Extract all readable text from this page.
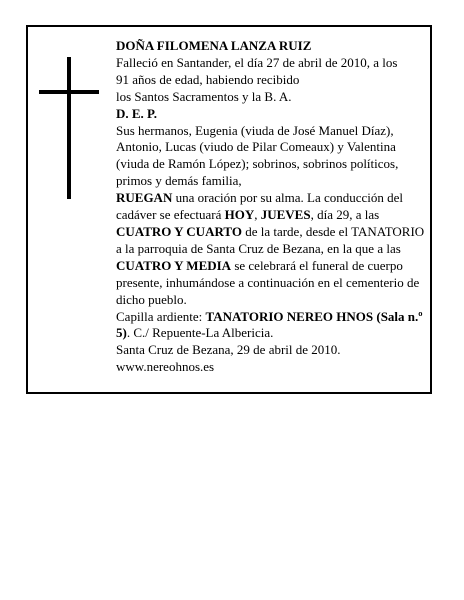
DOÑA FILOMENA LANZA RUIZ

Falleció en Santander, el día 27 de abril de 2010, a los

91 años de edad, habiendo recibido

los Santos Sacramentos y la B. A.

D. E. P.

Sus hermanos, Eugenia (viuda de José Manuel Díaz), Antonio, Lucas (viudo de Pilar Comeaux) y Valentina (viuda de Ramón López); sobrinos, sobrinos políticos, primos y demás familia,

RUEGAN una oración por su alma. La conducción del cadáver se efectuará HOY, JUEVES, día 29, a las CUATRO Y CUARTO de la tarde, desde el TANATORIO a la parroquia de Santa Cruz de Bezana, en la que a las CUATRO Y MEDIA se celebrará el funeral de cuerpo presente, inhumándose a continuación en el cementerio de dicho pueblo.

Capilla ardiente: TANATORIO NEREO HNOS (Sala n.º 5). C./ Repuente-La Albericia.

Santa Cruz de Bezana, 29 de abril de 2010.

www.nereohnos.es
